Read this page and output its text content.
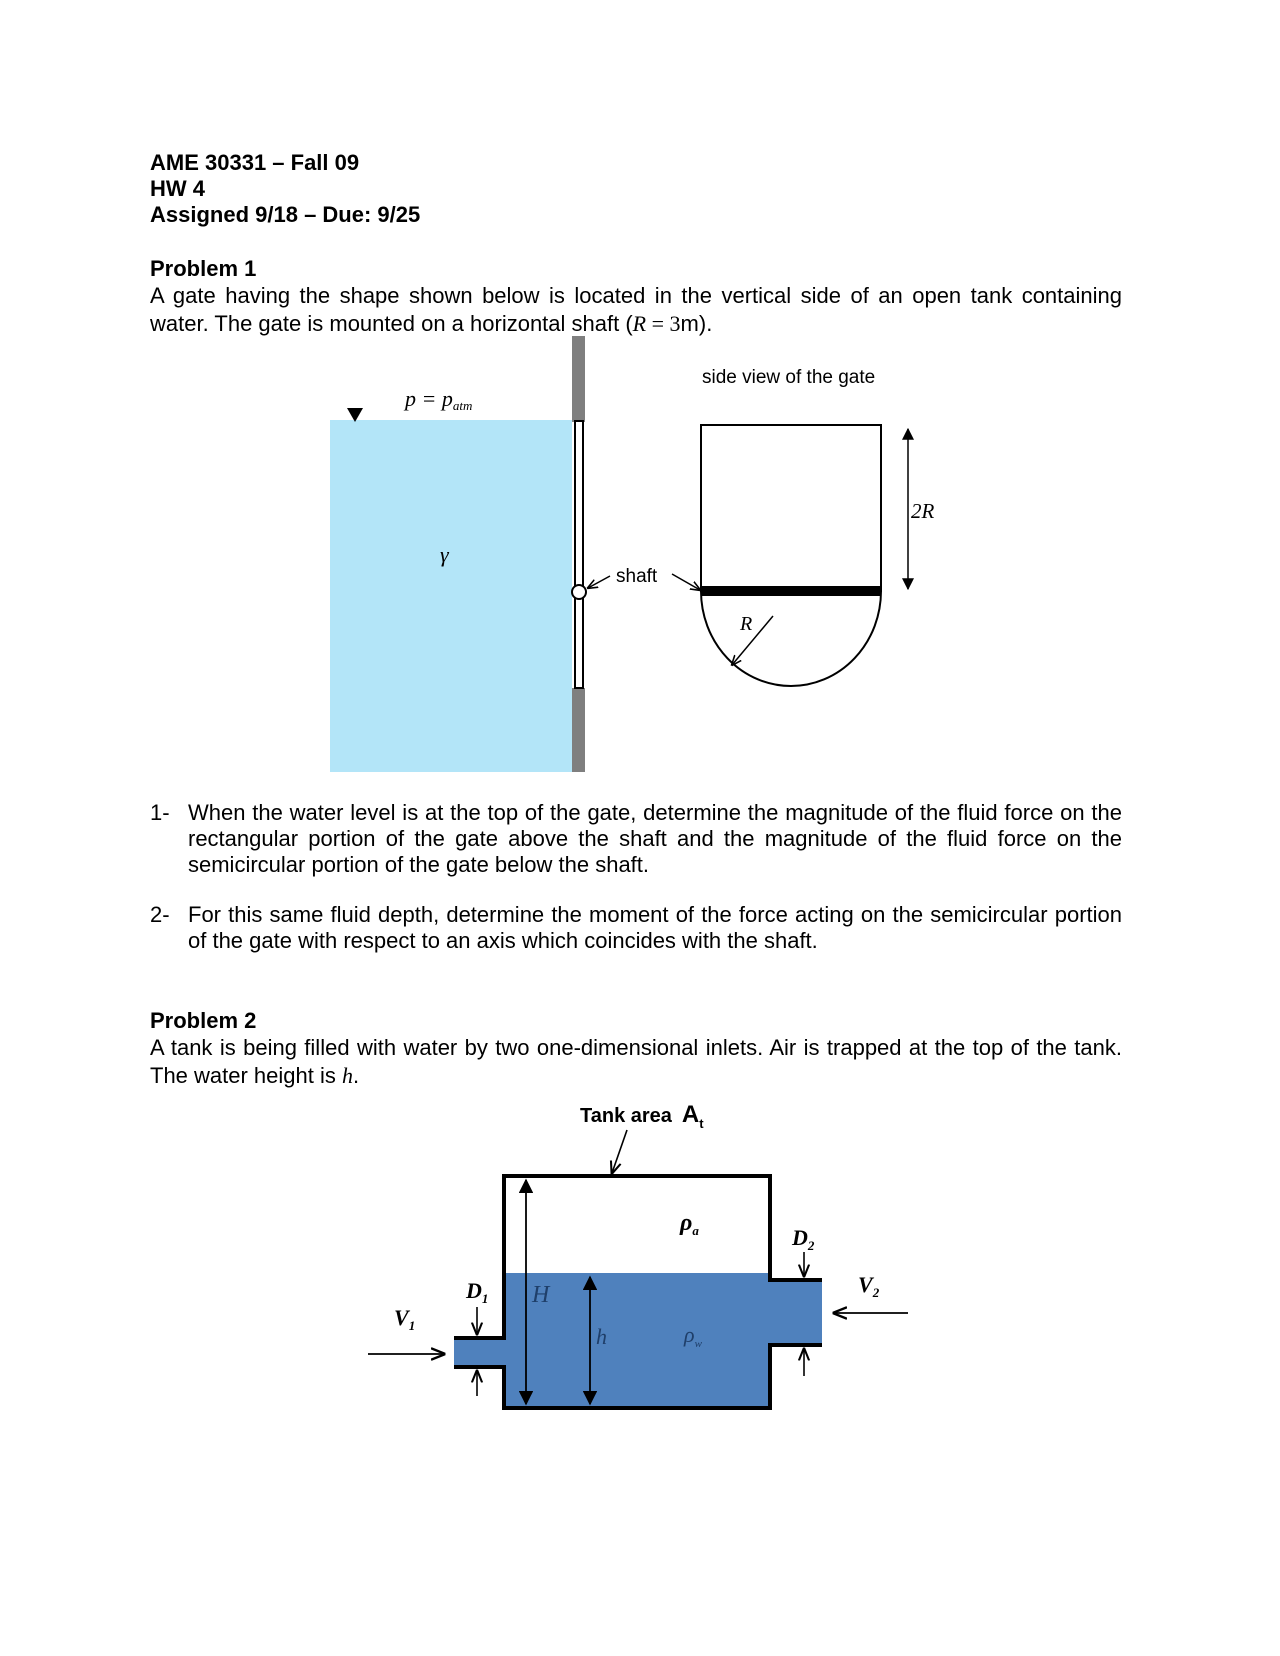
AME 30331 – Fall 09
HW 4
Assigned 9/18 – Due: 9/25
Problem 1
A gate having the shape shown below is located in the vertical side of an open tank containing water. The gate is mounted on a horizontal shaft (R = 3m).
p = patm
γ
shaft
side view of the gate
R
2R
1- When the water level is at the top of the gate, determine the magnitude of the fluid force on the rectangular portion of the gate above the shaft and the magnitude of the fluid force on the semicircular portion of the gate below the shaft.
2- For this same fluid depth, determine the moment of the force acting on the semicircular portion of the gate with respect to an axis which coincides with the shaft.
Problem 2
A tank is being filled with water by two one-dimensional inlets. Air is trapped at the top of the tank. The water height is h.
Tank area $A_t$
H
h
$\rho_a$
$\rho_w$
$D_1$
$V_1$
$D_2$
$V_2$
